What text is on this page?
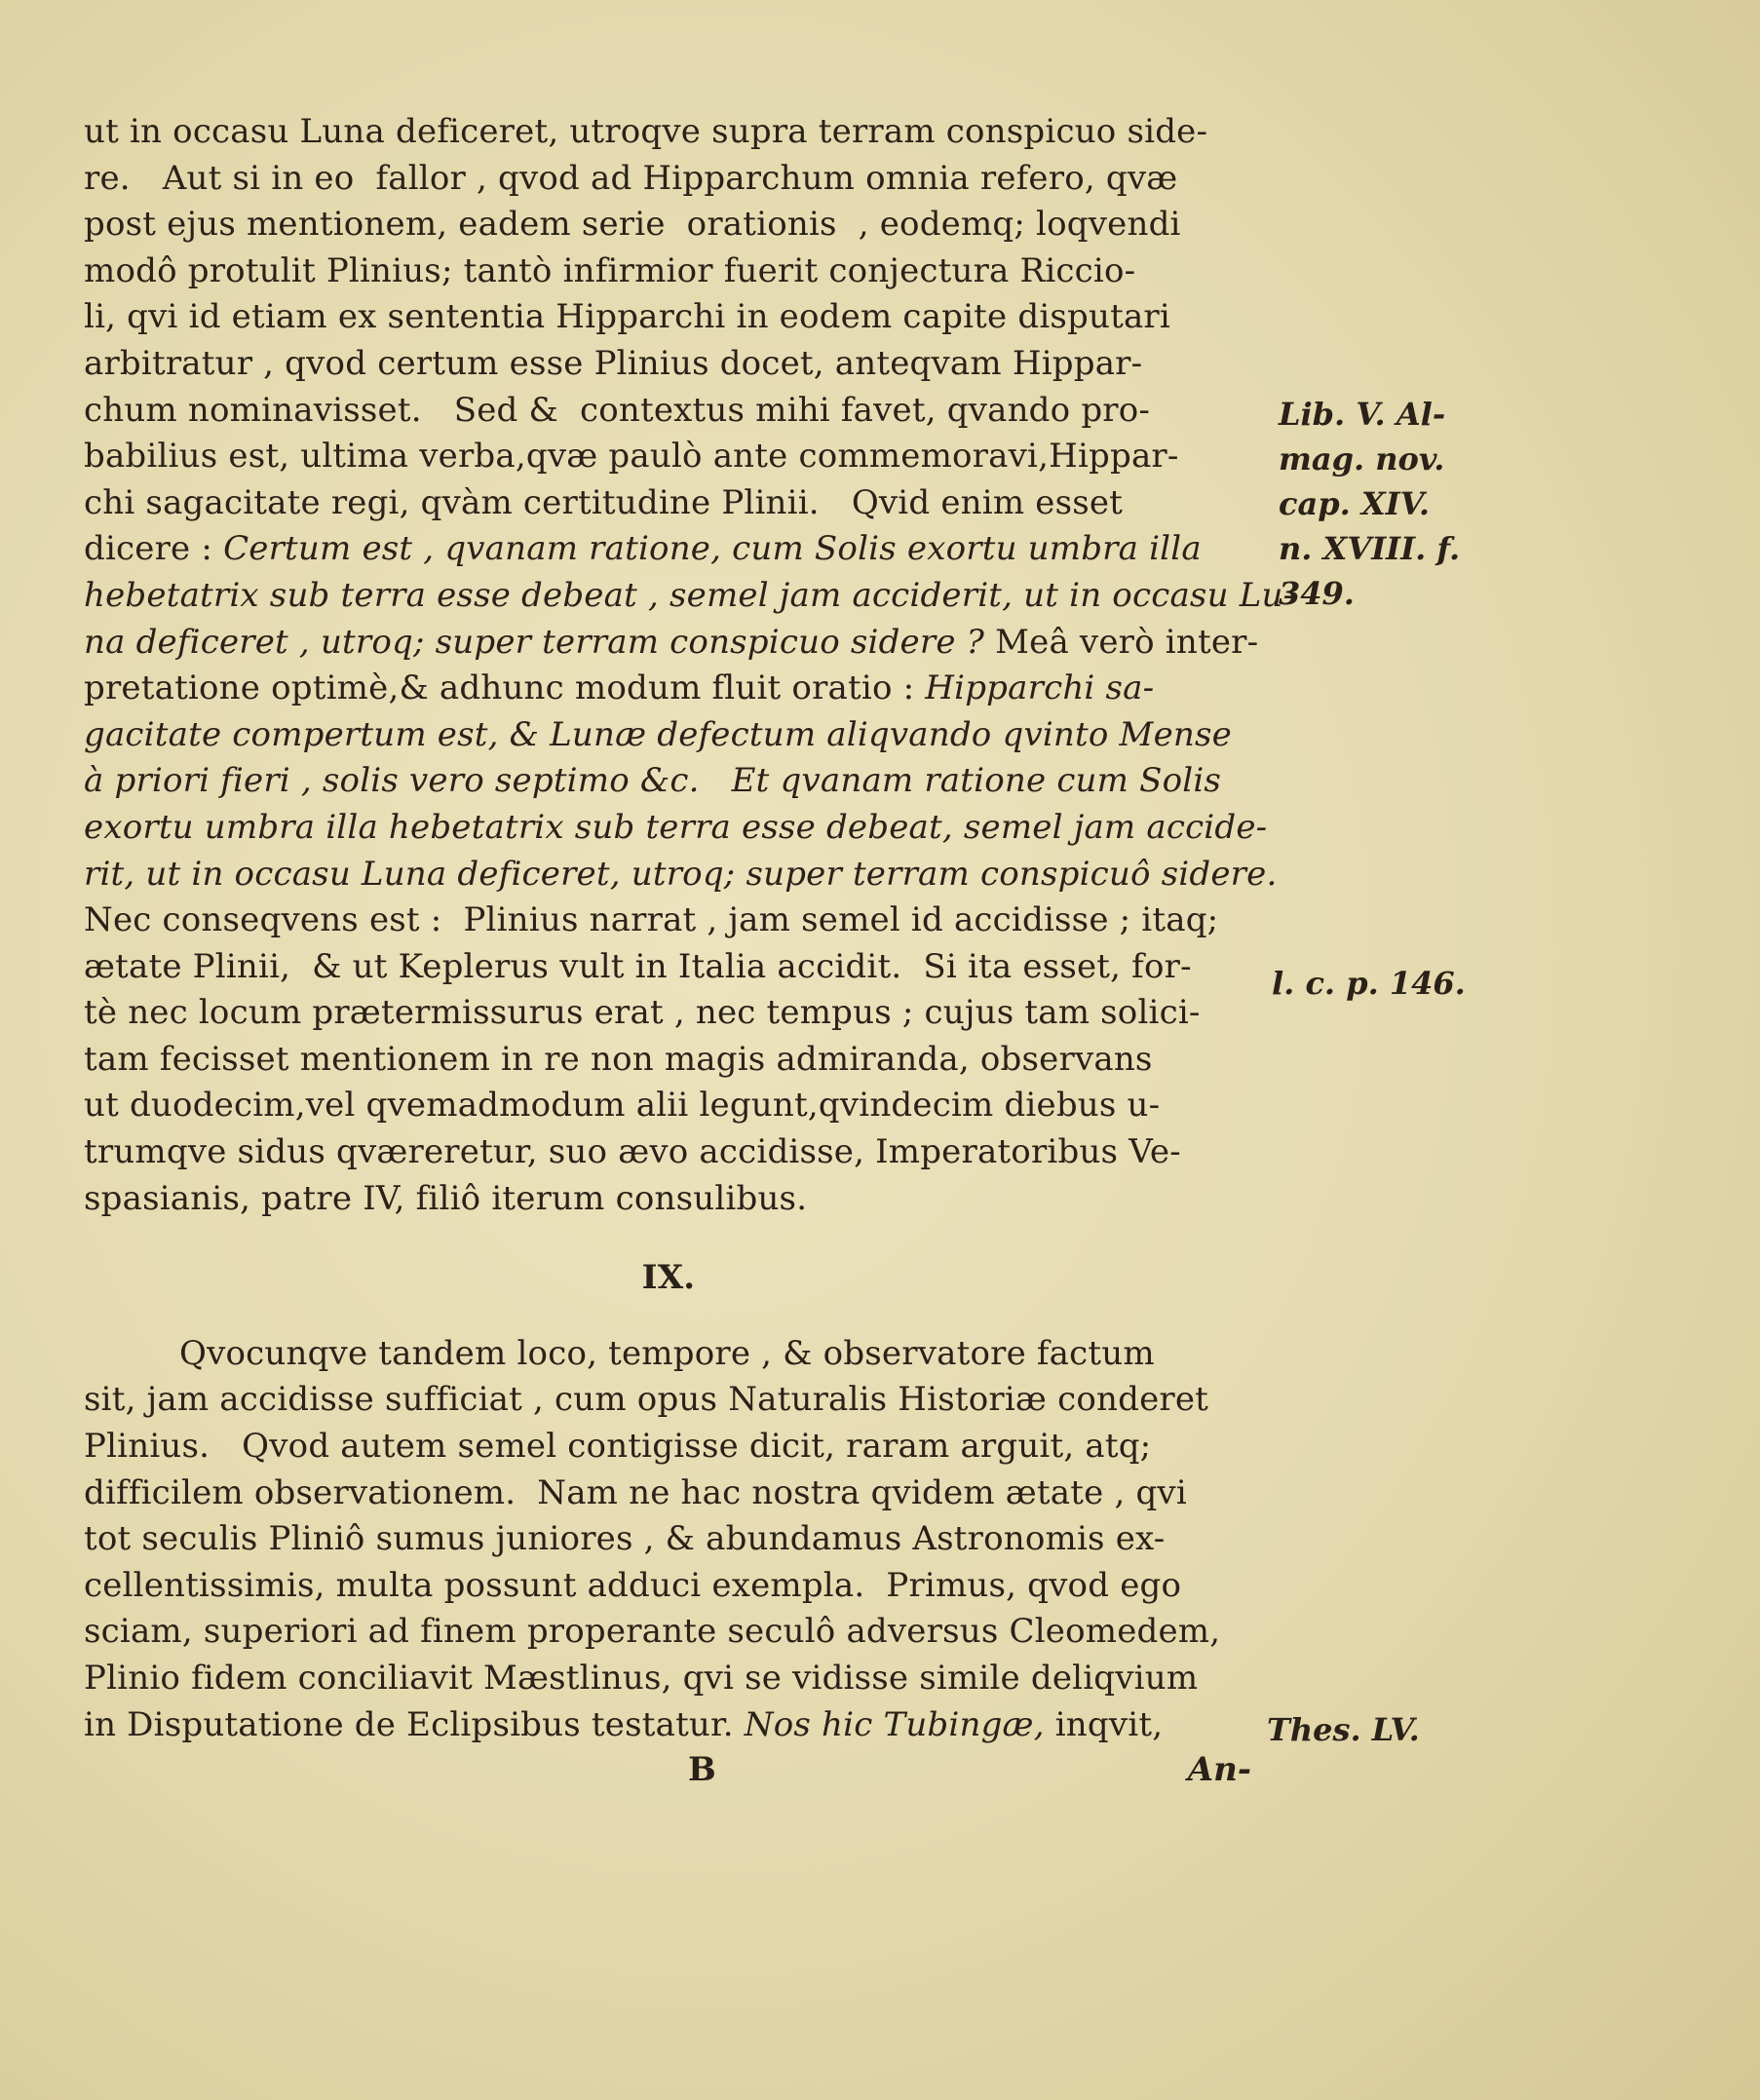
ut in occasu Luna deficeret, utroqve supra terram conspicuo side-
re.   Aut si in eo  fallor , qvod ad Hipparchum omnia refero, qvæ
post ejus mentionem, eadem serie  orationis  , eodemq; loqvendi
modô protulit Plinius; tantò infirmior fuerit conjectura Riccio-
li, qvi id etiam ex sententia Hipparchi in eodem capite disputari
arbitratur , qvod certum esse Plinius docet, anteqvam Hippar-
chum nominavisset.   Sed &  contextus mihi favet, qvando pro-
babilius est, ultima verba,qvæ paulò ante commemoravi,Hippar-
chi sagacitate regi, qvàm certitudine Plinii.   Qvid enim esset
dicere : Certum est , qvanam ratione, cum Solis exortu umbra illa
hebetatrix sub terra esse debeat , semel jam acciderit, ut in occasu Lu-
na deficeret , utroq; super terram conspicuo sidere ? Meâ verò inter-
pretatione optimè,& adhunc modum fluit oratio : Hipparchi sa-
gacitate compertum est, & Lunæ defectum aliqvando qvinto Mense
à priori fieri , solis vero septimo &c.   Et qvanam ratione cum Solis
exortu umbra illa hebetatrix sub terra esse debeat, semel jam accide-
rit, ut in occasu Luna deficeret, utroq; super terram conspicuô sidere.
Nec conseqvens est :  Plinius narrat , jam semel id accidisse ; itaq;
ætate Plinii,  & ut Keplerus vult in Italia accidit.  Si ita esset, for-
tè nec locum prætermissurus erat , nec tempus ; cujus tam solici-
tam fecisset mentionem in re non magis admiranda, observans
ut duodecim,vel qvemadmodum alii legunt,qvindecim diebus u-
trumqve sidus qværeretur, suo ævo accidisse, Imperatoribus Ve-
spasianis, patre IV, filiô iterum consulibus.
IX.
Qvocunqve tandem loco, tempore , & observatore factum
sit, jam accidisse sufficiat , cum opus Naturalis Historiæ conderet
Plinius.   Qvod autem semel contigisse dicit, raram arguit, atq;
difficilem observationem.  Nam ne hac nostra qvidem ætate , qvi
tot seculis Pliniô sumus juniores , & abundamus Astronomis ex-
cellentissimis, multa possunt adduci exempla.  Primus, qvod ego
sciam, superiori ad finem properante seculô adversus Cleomedem,
Plinio fidem conciliavit Mæstlinus, qvi se vidisse simile deliqvium
in Disputatione de Eclipsibus testatur. Nos hic Tubingæ, inqvit,
B	An-
Lib. V. Al-
mag. nov.
cap. XIV.
n. XVIII. f.
349.
l. c. p. 146.
Thes. LV.
